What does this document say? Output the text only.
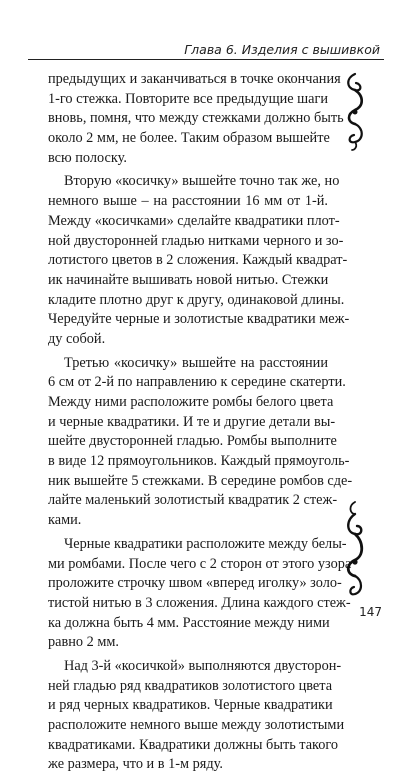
Глава 6. Изделия с вышивкой
предыдущих и заканчиваться в точке окончания
1-го стежка. Повторите все предыдущие шаги
вновь, помня, что между стежками должно быть
около 2 мм, не более. Таким образом вышейте
всю полоску.
Вторую «косичку» вышейте точно так же, но
немного выше – на расстоянии 16 мм от 1-й.
Между «косичками» сделайте квадратики плот-
ной двусторонней гладью нитками черного и зо-
лотистого цветов в 2 сложения. Каждый квадрат-
ик начинайте вышивать новой нитью. Стежки
кладите плотно друг к другу, одинаковой длины.
Чередуйте черные и золотистые квадратики меж-
ду собой.
Третью «косичку» вышейте на расстоянии
6 см от 2-й по направлению к середине скатерти.
Между ними расположите ромбы белого цвета
и черные квадратики. И те и другие детали вы-
шейте двусторонней гладью. Ромбы выполните
в виде 12 прямоугольников. Каждый прямоуголь-
ник вышейте 5 стежками. В середине ромбов сде-
лайте маленький золотистый квадратик 2 стеж-
ками.
Черные квадратики расположите между белы-
ми ромбами. После чего с 2 сторон от этого узора
проложите строчку швом «вперед иголку» золо-
тистой нитью в 3 сложения. Длина каждого стеж-
ка должна быть 4 мм. Расстояние между ними
равно 2 мм.
Над 3-й «косичкой» выполняются двусторон-
ней гладью ряд квадратиков золотистого цвета
и ряд черных квадратиков. Черные квадратики
расположите немного выше между золотистыми
квадратиками. Квадратики должны быть такого
же размера, что и в 1-м ряду.
147
